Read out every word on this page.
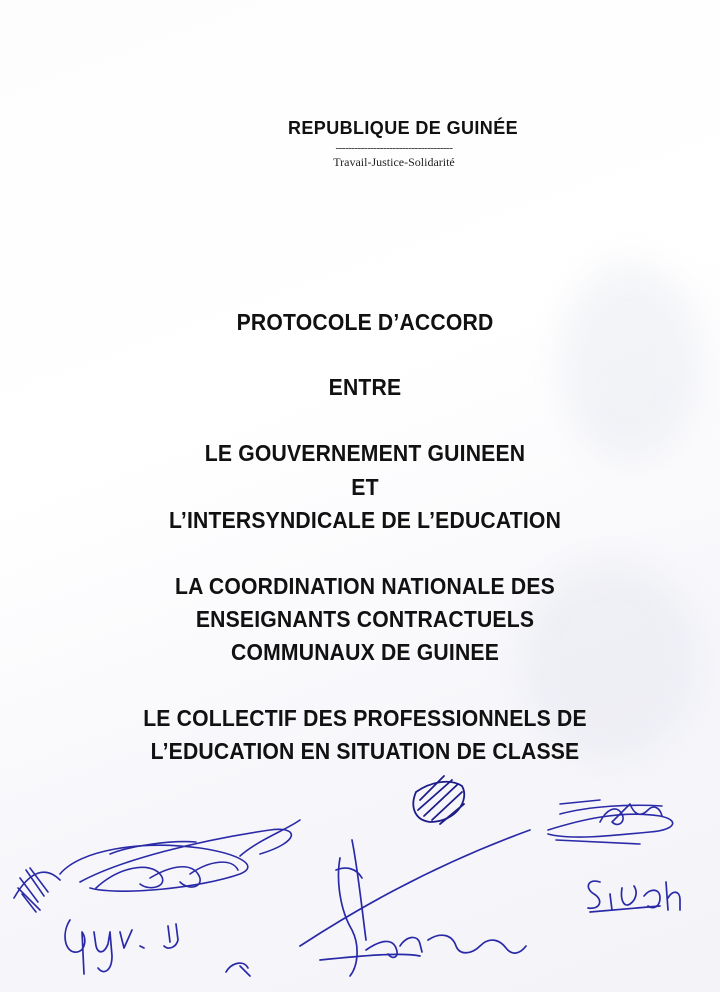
REPUBLIQUE DE GUINÉE
-------------------------------------
Travail-Justice-Solidarité
PROTOCOLE D’ACCORD
ENTRE
LE GOUVERNEMENT GUINEEN
ET
L’INTERSYNDICALE DE L’EDUCATION
LA COORDINATION NATIONALE DES
ENSEIGNANTS CONTRACTUELS
COMMUNAUX DE GUINEE
LE COLLECTIF DES PROFESSIONNELS DE
L’EDUCATION EN SITUATION DE CLASSE
